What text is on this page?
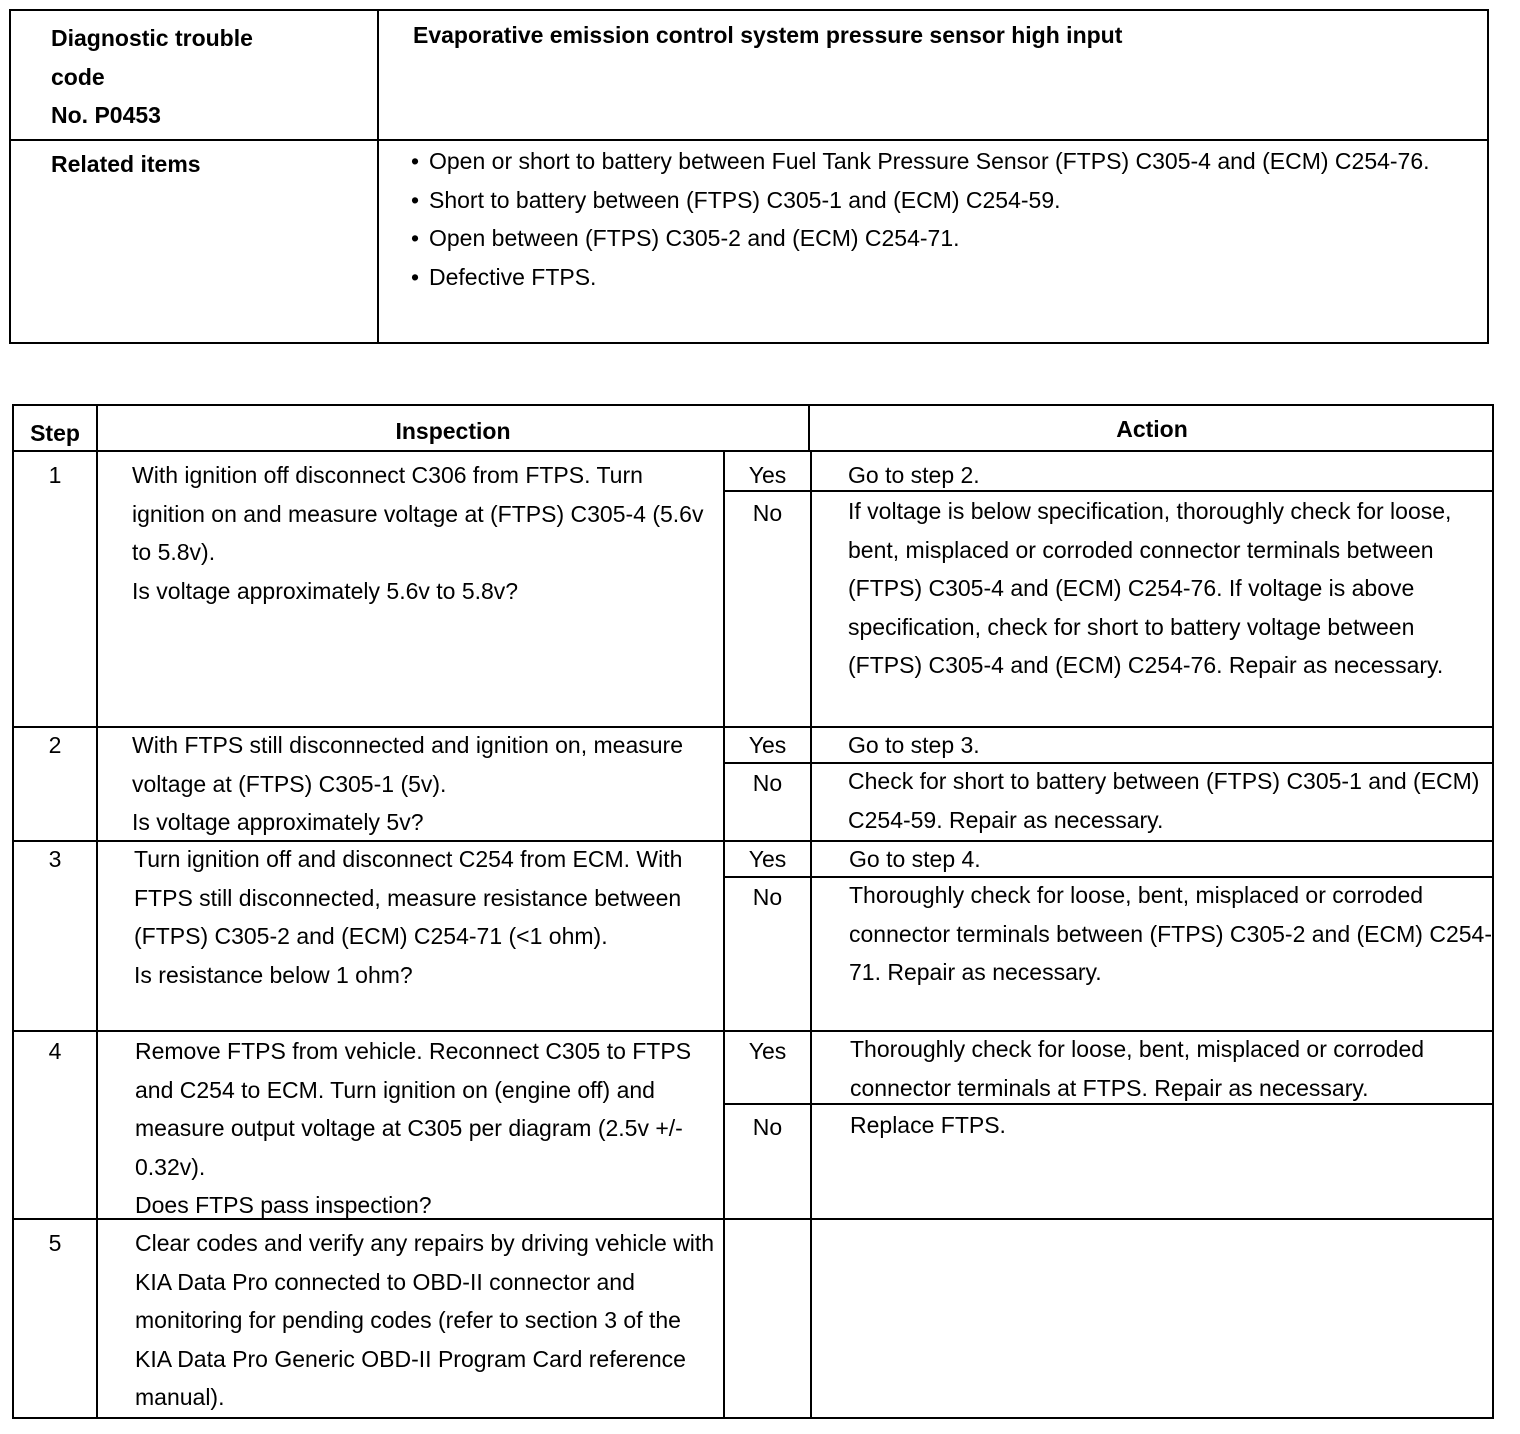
Diagnostic trouble
code
No. P0453
Evaporative emission control system pressure sensor high input
Related items
•	Open or short to battery between Fuel Tank Pressure Sensor (FTPS) C305-4 and (ECM) C254-76.
• Short to battery between (FTPS) C305-1 and (ECM) C254-59.
• Open between (FTPS) C305-2 and (ECM) C254-71.
• Defective FTPS.
Step	Inspection	Action
1	With ignition off disconnect C306 from FTPS. Turn ignition on and measure voltage at (FTPS) C305-4 (5.6v to 5.8v).
Is voltage approximately 5.6v to 5.8v?
Yes	Go to step 2.
No	If voltage is below specification, thoroughly check for loose, bent, misplaced or corroded connector terminals between (FTPS) C305-4 and (ECM) C254-76. If voltage is above specification, check for short to battery voltage between (FTPS) C305-4 and (ECM) C254-76. Repair as necessary.
2	With FTPS still disconnected and ignition on, measure voltage at (FTPS) C305-1 (5v).
Is voltage approximately 5v?
Yes	Go to step 3.
No	Check for short to battery between (FTPS) C305-1 and (ECM) C254-59. Repair as necessary.
3	Turn ignition off and disconnect C254 from ECM. With FTPS still disconnected, measure resistance between (FTPS) C305-2 and (ECM) C254-71 (<1 ohm).
Is resistance below 1 ohm?
Yes	Go to step 4.
No	Thoroughly check for loose, bent, misplaced or corroded connector terminals between (FTPS) C305-2 and (ECM) C254-71. Repair as necessary.
4	Remove FTPS from vehicle. Reconnect C305 to FTPS and C254 to ECM. Turn ignition on (engine off) and measure output voltage at C305 per diagram (2.5v +/- 0.32v).
Does FTPS pass inspection?
Yes	Thoroughly check for loose, bent, misplaced or corroded connector terminals at FTPS. Repair as necessary.
No	Replace FTPS.
5	Clear codes and verify any repairs by driving vehicle with KIA Data Pro connected to OBD-II connector and monitoring for pending codes (refer to section 3 of the KIA Data Pro Generic OBD-II Program Card reference manual).
